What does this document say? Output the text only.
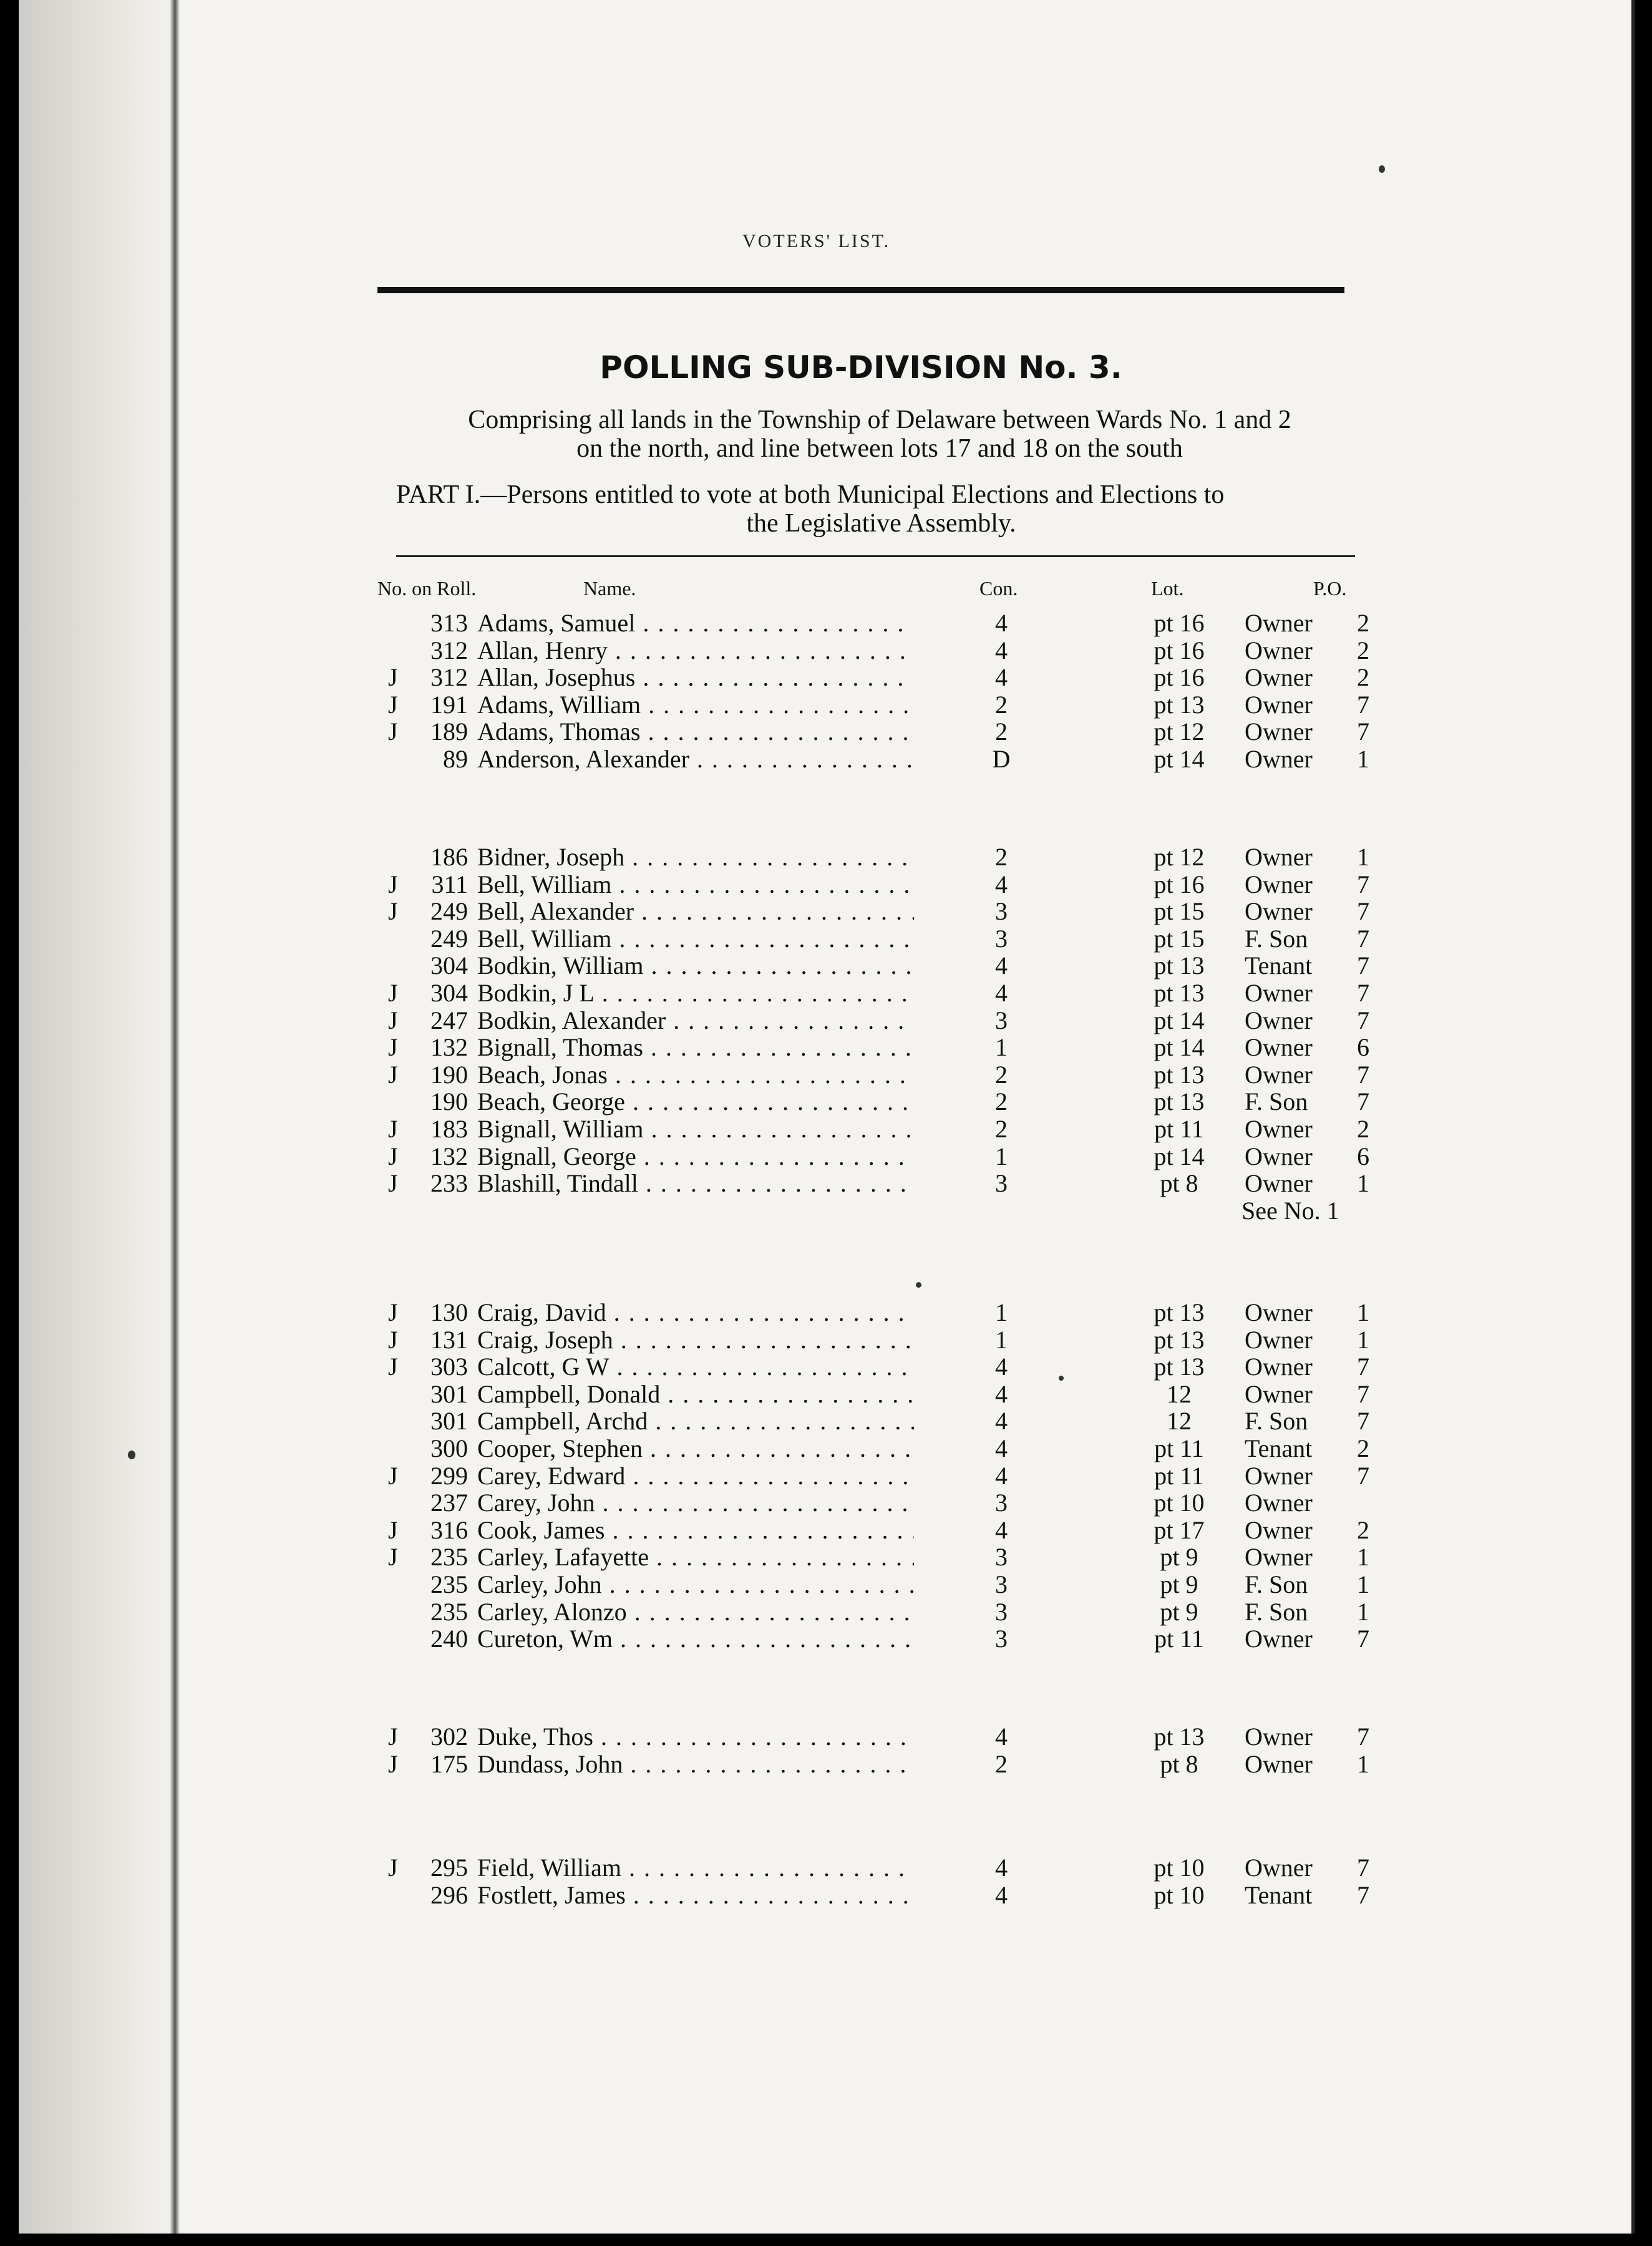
VOTERS' LIST.
POLLING SUB-DIVISION No. 3.
Comprising all lands in the Township of Delaware between Wards No. 1 and 2
on the north, and line between lots 17 and 18 on the south
PART I.—Persons entitled to vote at both Municipal Elections and Elections to
the Legislative Assembly.
No. on Roll.	Name.	Con.	Lot.	P.O.
313 Adams, Samuel . . .	4	pt 16	Owner	2
312 Allan, Henry . . .	4	pt 16	Owner	2
J	312 Allan, Josephus . . .	4	pt 16	Owner	2
J	191 Adams, William . . .	2	pt 13	Owner	7
J	189 Adams, Thomas . . .	2	pt 12	Owner	7
89 Anderson, Alexander . . .	D	pt 14	Owner	1
186 Bidner, Joseph . . .	2	pt 12	Owner	1
J	311 Bell, William . . .	4	pt 16	Owner	7
J	249 Bell, Alexander . . .	3	pt 15	Owner	7
249 Bell, William . . .	3	pt 15	F. Son	7
304 Bodkin, William . . .	4	pt 13	Tenant	7
J	304 Bodkin, J L . . .	4	pt 13	Owner	7
J	247 Bodkin, Alexander . . .	3	pt 14	Owner	7
J	132 Bignall, Thomas . . .	1	pt 14	Owner	6
J	190 Beach, Jonas . . .	2	pt 13	Owner	7
190 Beach, George . . .	2	pt 13	F. Son	7
J	183 Bignall, William . . .	2	pt 11	Owner	2
J	132 Bignall, George . . .	1	pt 14	Owner	6
J	233 Blashill, Tindall . . .	3	pt 8	Owner	1
See No. 1
J	130 Craig, David . . .	1	pt 13	Owner	1
J	131 Craig, Joseph . . .	1	pt 13	Owner	1
J	303 Calcott, G W . . .	4	pt 13	Owner	7
301 Campbell, Donald . . .	4	12	Owner	7
301 Campbell, Archd . . .	4	12	F. Son	7
300 Cooper, Stephen . . .	4	pt 11	Tenant	2
J	299 Carey, Edward . . .	4	pt 11	Owner	7
237 Carey, John . . .	3	pt 10	Owner
J	316 Cook, James . . .	4	pt 17	Owner	2
J	235 Carley, Lafayette . . .	3	pt 9	Owner	1
235 Carley, John . . .	3	pt 9	F. Son	1
235 Carley, Alonzo . . .	3	pt 9	F. Son	1
240 Cureton, Wm . . .	3	pt 11	Owner	7
J	302 Duke, Thos . . .	4	pt 13	Owner	7
J	175 Dundass, John . . .	2	pt 8	Owner	1
J	295 Field, William . . .	4	pt 10	Owner	7
296 Fostlett, James . . .	4	pt 10	Tenant	7
